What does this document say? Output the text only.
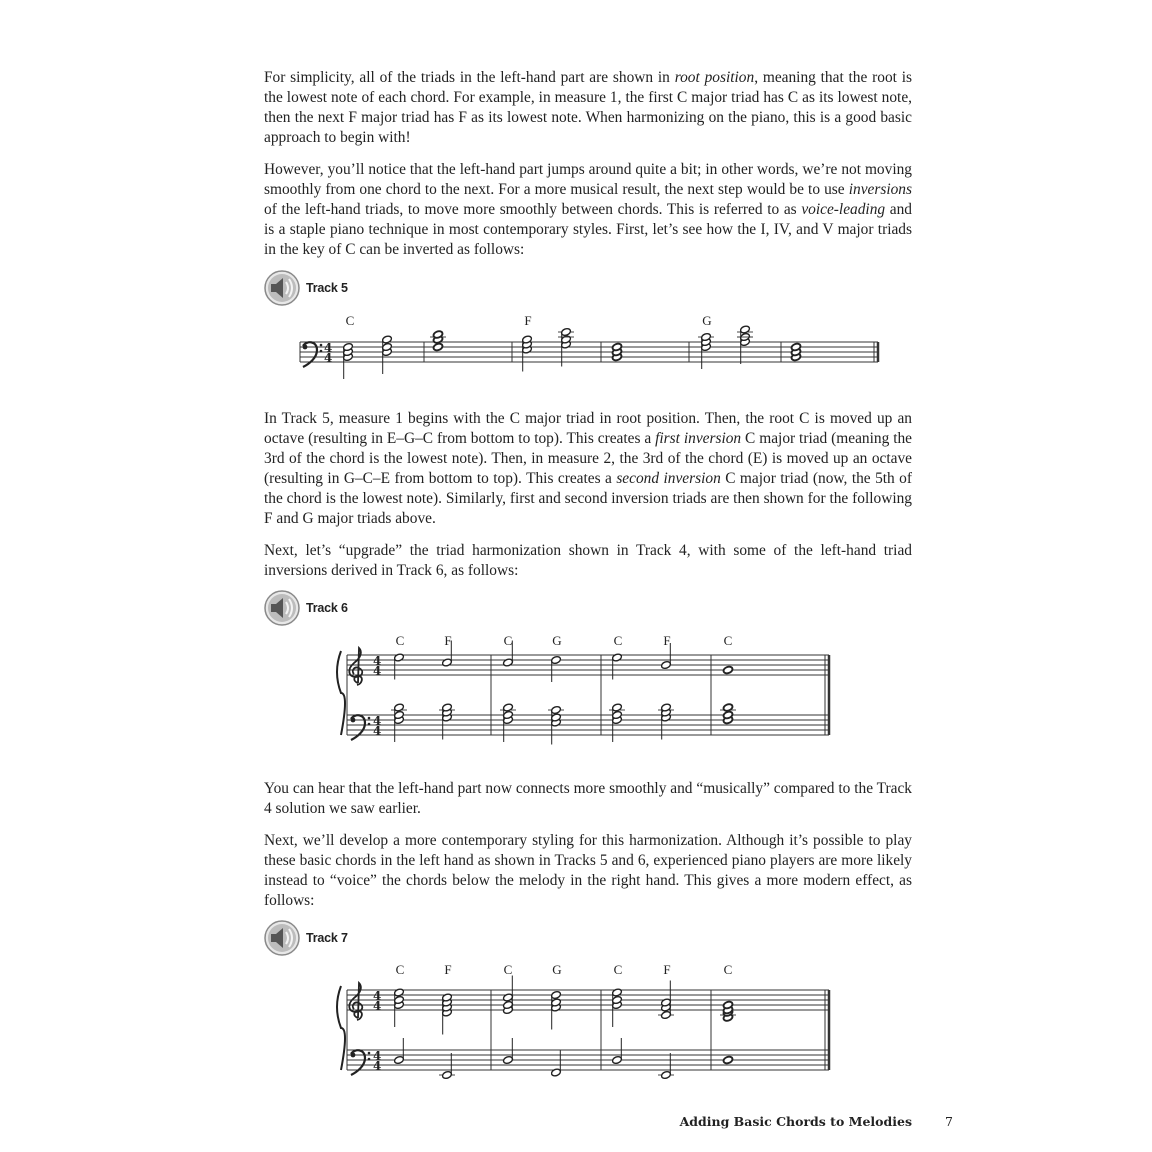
For simplicity, all of the triads in the left-hand part are shown in root position, meaning that the root is the lowest note of each chord. For example, in measure 1, the first C major triad has C as its lowest note, then the next F major triad has F as its lowest note. When harmonizing on the piano, this is a good basic approach to begin with!

However, you’ll notice that the left-hand part jumps around quite a bit; in other words, we’re not moving smoothly from one chord to the next. For a more musical result, the next step would be to use inversions of the left-hand triads, to move more smoothly between chords. This is referred to as voice-leading and is a staple piano technique in most contemporary styles. First, let’s see how the I, IV, and V major triads in the key of C can be inverted as follows:

Track 5
4
4
C	F	G

In Track 5, measure 1 begins with the C major triad in root position. Then, the root C is moved up an octave (resulting in E–G–C from bottom to top). This creates a first inversion C major triad (meaning the 3rd of the chord is the lowest note). Then, in measure 2, the 3rd of the chord (E) is moved up an octave (resulting in G–C–E from bottom to top). This creates a second inversion C major triad (now, the 5th of the chord is the lowest note). Similarly, first and second inversion triads are then shown for the following F and G major triads above.

Next, let’s “upgrade” the triad harmonization shown in Track 4, with some of the left-hand triad inversions derived in Track 6, as follows:

Track 6
4
4
4
4
C	F	C	G	C	F	C

You can hear that the left-hand part now connects more smoothly and “musically” compared to the Track 4 solution we saw earlier.

Next, we’ll develop a more contemporary styling for this harmonization. Although it’s possible to play these basic chords in the left hand as shown in Tracks 5 and 6, experienced piano players are more likely instead to “voice” the chords below the melody in the right hand. This gives a more modern effect, as follows:

Track 7
4
4
4
4
C	F	C	G	C	F	C
Adding Basic Chords to Melodies	7
